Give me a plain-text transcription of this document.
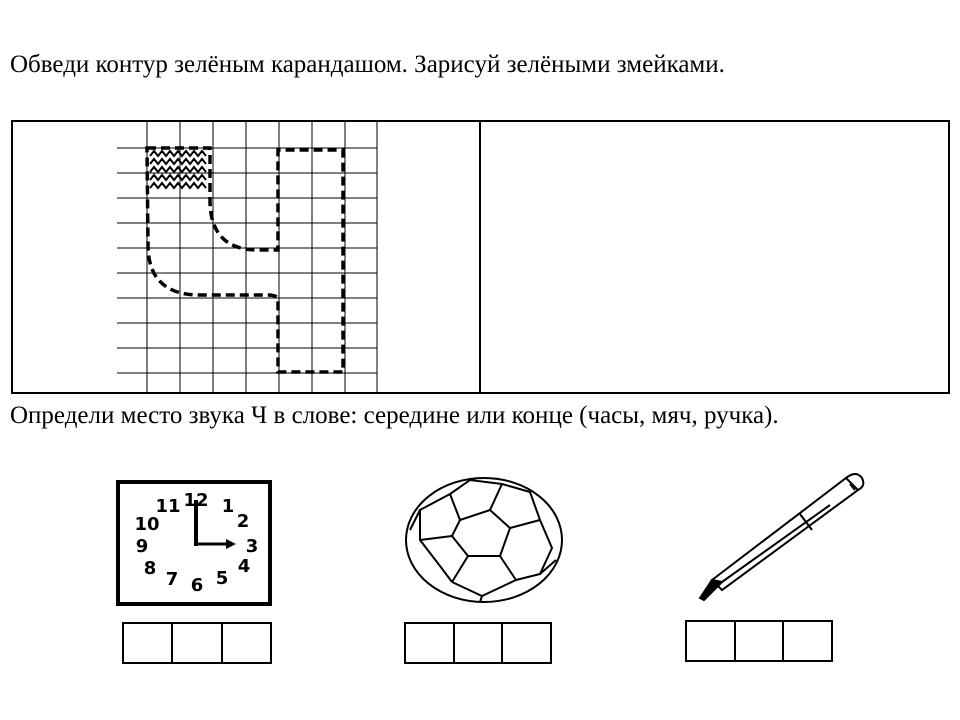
Обведи контур зелёным карандашом. Зарисуй зелёными змейками.
12 1
2
3
4
5
6
7
8
9
10
11
Определи место звука Ч в слове: середине или конце (часы, мяч, ручка).
